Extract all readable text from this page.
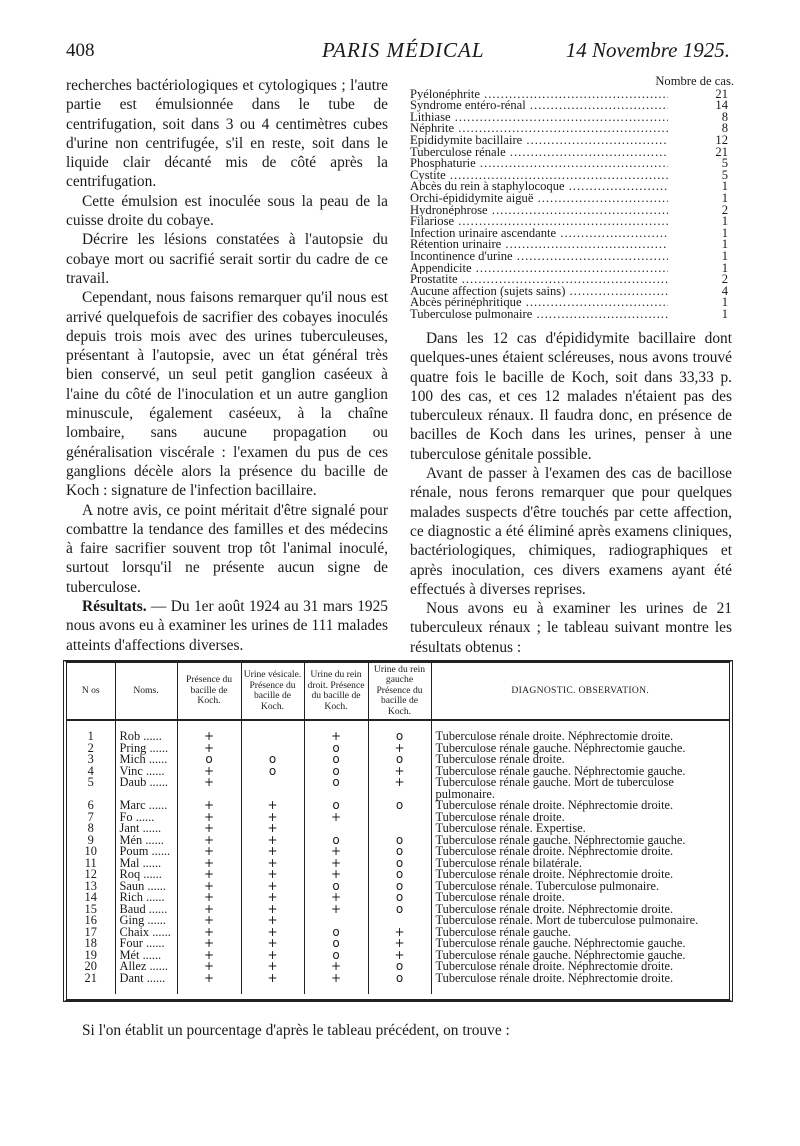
408	PARIS MÉDICAL	14 Novembre 1925.

recherches bactériologiques et cytologiques ; l'autre partie est émulsionnée dans le tube de centrifugation, soit dans 3 ou 4 centimètres cubes d'urine non centrifugée, s'il en reste, soit dans le liquide clair décanté mis de côté après la centrifugation.

Cette émulsion est inoculée sous la peau de la cuisse droite du cobaye.

Décrire les lésions constatées à l'autopsie du cobaye mort ou sacrifié serait sortir du cadre de ce travail.

Cependant, nous faisons remarquer qu'il nous est arrivé quelquefois de sacrifier des cobayes inoculés depuis trois mois avec des urines tuberculeuses, présentant à l'autopsie, avec un état général très bien conservé, un seul petit ganglion caséeux à l'aine du côté de l'inoculation et un autre ganglion minuscule, également caséeux, à la chaîne lombaire, sans aucune propagation ou généralisation viscérale : l'examen du pus de ces ganglions décèle alors la présence du bacille de Koch : signature de l'infection bacillaire.

A notre avis, ce point méritait d'être signalé pour combattre la tendance des familles et des médecins à faire sacrifier souvent trop tôt l'animal inoculé, surtout lorsqu'il ne présente aucun signe de tuberculose.

Résultats. — Du 1er août 1924 au 31 mars 1925 nous avons eu à examiner les urines de 111 malades atteints d'affections diverses.

Nombre de cas.
Pyélonéphrite .....	21
Syndrome entéro-rénal .....	14
Lithiase .....	8
Néphrite .....	8
Epididymite bacillaire .....	12
Tuberculose rénale .....	21
Phosphaturie .....	5
Cystite .....	5
Abcès du rein à staphylocoque .....	1
Orchi-épididymite aiguë .....	1
Hydronéphrose .....	2
Filariose .....	1
Infection urinaire ascendante .....	1
Rétention urinaire .....	1
Incontinence d'urine .....	1
Appendicite .....	1
Prostatite .....	2
Aucune affection (sujets sains) .....	4
Abcès périnéphritique .....	1
Tuberculose pulmonaire .....	1

Dans les 12 cas d'épididymite bacillaire dont quelques-unes étaient scléreuses, nous avons trouvé quatre fois le bacille de Koch, soit dans 33,33 p. 100 des cas, et ces 12 malades n'étaient pas des tuberculeux rénaux. Il faudra donc, en présence de bacilles de Koch dans les urines, penser à une tuberculose génitale possible.

Avant de passer à l'examen des cas de bacillose rénale, nous ferons remarquer que pour quelques malades suspects d'être touchés par cette affection, ce diagnostic a été éliminé après examens cliniques, bactériologiques, chimiques, radiographiques et après inoculation, ces divers examens ayant été effectués à diverses reprises.

Nous avons eu à examiner les urines de 21 tuberculeux rénaux ; le tableau suivant montre les résultats obtenus :

N os	Noms.	Présence du bacille de Koch.	Urine vésicale. Présence du bacille de Koch.	Urine du rein droit. Présence du bacille de Koch.	Urine du rein gauche Présence du bacille de Koch.	DIAGNOSTIC. OBSERVATION.
1	Rob ......	+		+	o	Tuberculose rénale droite. Néphrectomie droite.
2	Pring ......	+		o	+	Tuberculose rénale gauche. Néphrectomie gauche.
3	Mich ......	o	o	o	o	Tuberculose rénale droite.
4	Vinc ......	+	o	o	+	Tuberculose rénale gauche. Néphrectomie gauche.
5	Daub ......	+		o	+	Tuberculose rénale gauche. Mort de tuberculose
						pulmonaire.
6	Marc ......	+	+	o	o	Tuberculose rénale droite. Néphrectomie droite.
7	Fo ......	+	+	+		Tuberculose rénale droite.
8	Jant ......	+	+			Tuberculose rénale. Expertise.
9	Mén ......	+	+	o	o	Tuberculose rénale gauche. Néphrectomie gauche.
10	Poum ......	+	+	+	o	Tuberculose rénale droite. Néphrectomie droite.
11	Mal ......	+	+	+	o	Tuberculose rénale bilatérale.
12	Roq ......	+	+	+	o	Tuberculose rénale droite. Néphrectomie droite.
13	Saun ......	+	+	o	o	Tuberculose rénale. Tuberculose pulmonaire.
14	Rich ......	+	+	+	o	Tuberculose rénale droite.
15	Baud ......	+	+	+	o	Tuberculose rénale droite. Néphrectomie droite.
16	Ging ......	+	+			Tuberculose rénale. Mort de tuberculose pulmonaire.
17	Chaix ......	+	+	o	+	Tuberculose rénale gauche.
18	Four ......	+	+	o	+	Tuberculose rénale gauche. Néphrectomie gauche.
19	Mét ......	+	+	o	+	Tuberculose rénale gauche. Néphrectomie gauche.
20	Allez ......	+	+	+	o	Tuberculose rénale droite. Néphrectomie droite.
21	Dant ......	+	+	+	o	Tuberculose rénale droite. Néphrectomie droite.
Si l'on établit un pourcentage d'après le tableau précédent, on trouve :
